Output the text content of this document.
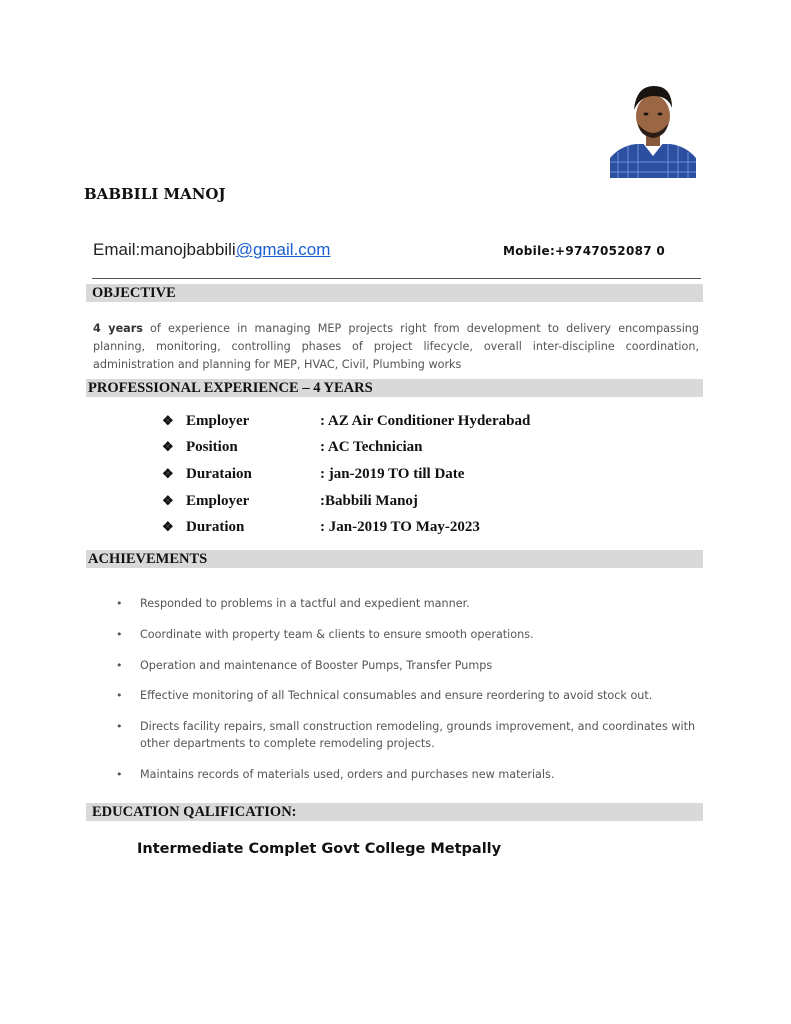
BABBILI MANOJ
Email:manojbabbili@gmail.com	Mobile:+9747052087 0
OBJECTIVE
4 years of experience in managing MEP projects right from development to delivery encompassing planning, monitoring, controlling phases of project lifecycle, overall inter-discipline coordination, administration and planning for MEP, HVAC, Civil, Plumbing works
PROFESSIONAL EXPERIENCE – 4 YEARS
❖ Employer	: AZ Air Conditioner Hyderabad
❖ Position	: AC Technician
❖ Durataion	: jan-2019 TO till Date
❖ Employer	:Babbili Manoj
❖ Duration	: Jan-2019 TO May-2023
ACHIEVEMENTS
• Responded to problems in a tactful and expedient manner.
• Coordinate with property team & clients to ensure smooth operations.
• Operation and maintenance of Booster Pumps, Transfer Pumps
• Effective monitoring of all Technical consumables and ensure reordering to avoid stock out.
• Directs facility repairs, small construction remodeling, grounds improvement, and coordinates with other departments to complete remodeling projects.
• Maintains records of materials used, orders and purchases new materials.
EDUCATION QALIFICATION:
Intermediate Complet Govt College Metpally
